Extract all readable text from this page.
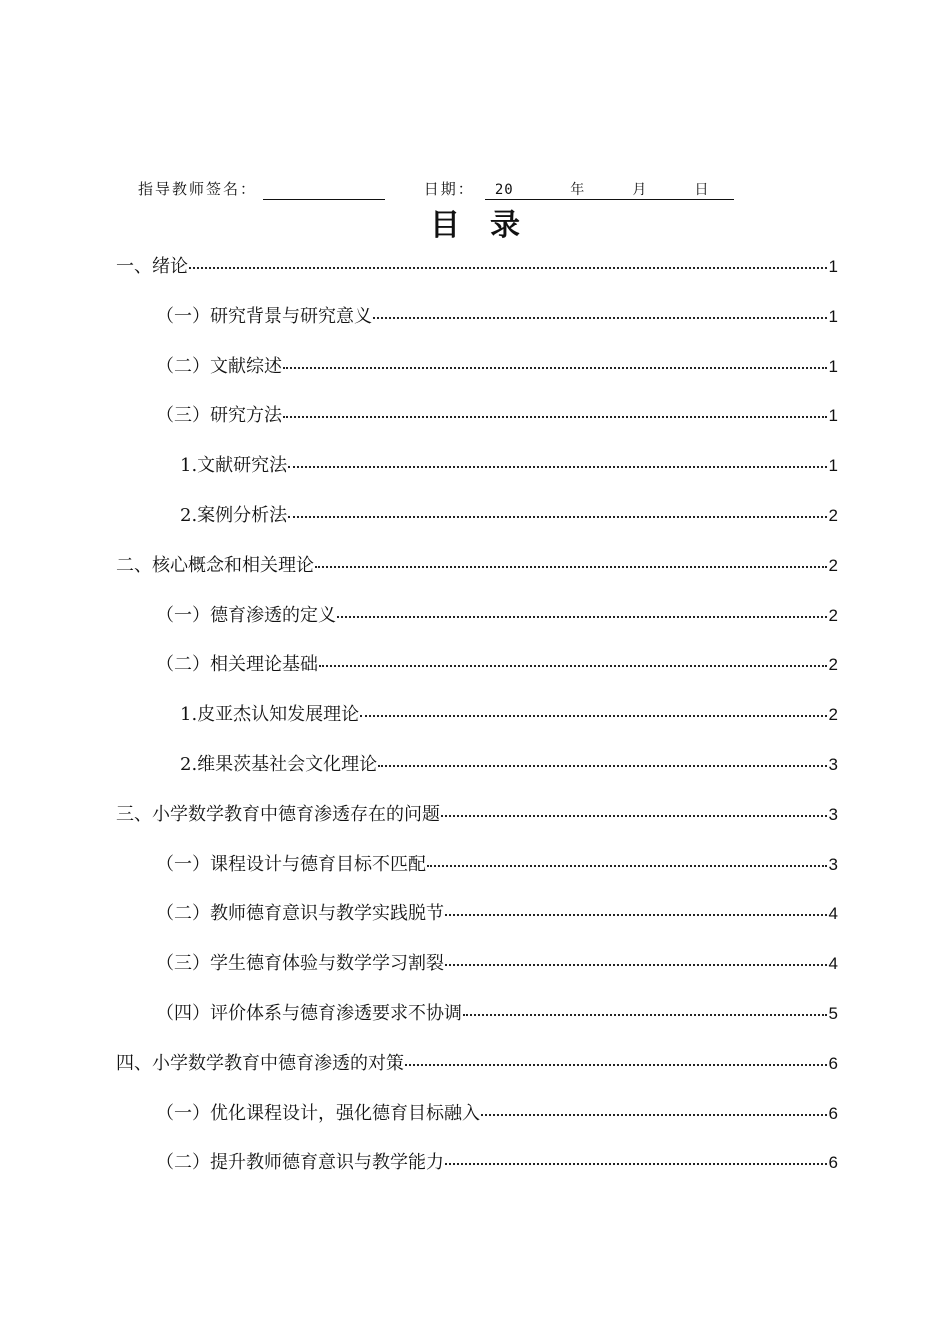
指导教师签名：	日期： 20      年     月     日
目录
一、绪论	1
（一）研究背景与研究意义	1
（二）文献综述	1
（三）研究方法	1
1.文献研究法	1
2.案例分析法	2
二、核心概念和相关理论	2
（一）德育渗透的定义	2
（二）相关理论基础	2
1.皮亚杰认知发展理论	2
2.维果茨基社会文化理论	3
三、小学数学教育中德育渗透存在的问题	3
（一）课程设计与德育目标不匹配	3
（二）教师德育意识与教学实践脱节	4
（三）学生德育体验与数学学习割裂	4
（四）评价体系与德育渗透要求不协调	5
四、小学数学教育中德育渗透的对策	6
（一）优化课程设计，强化德育目标融入	6
（二）提升教师德育意识与教学能力	6
